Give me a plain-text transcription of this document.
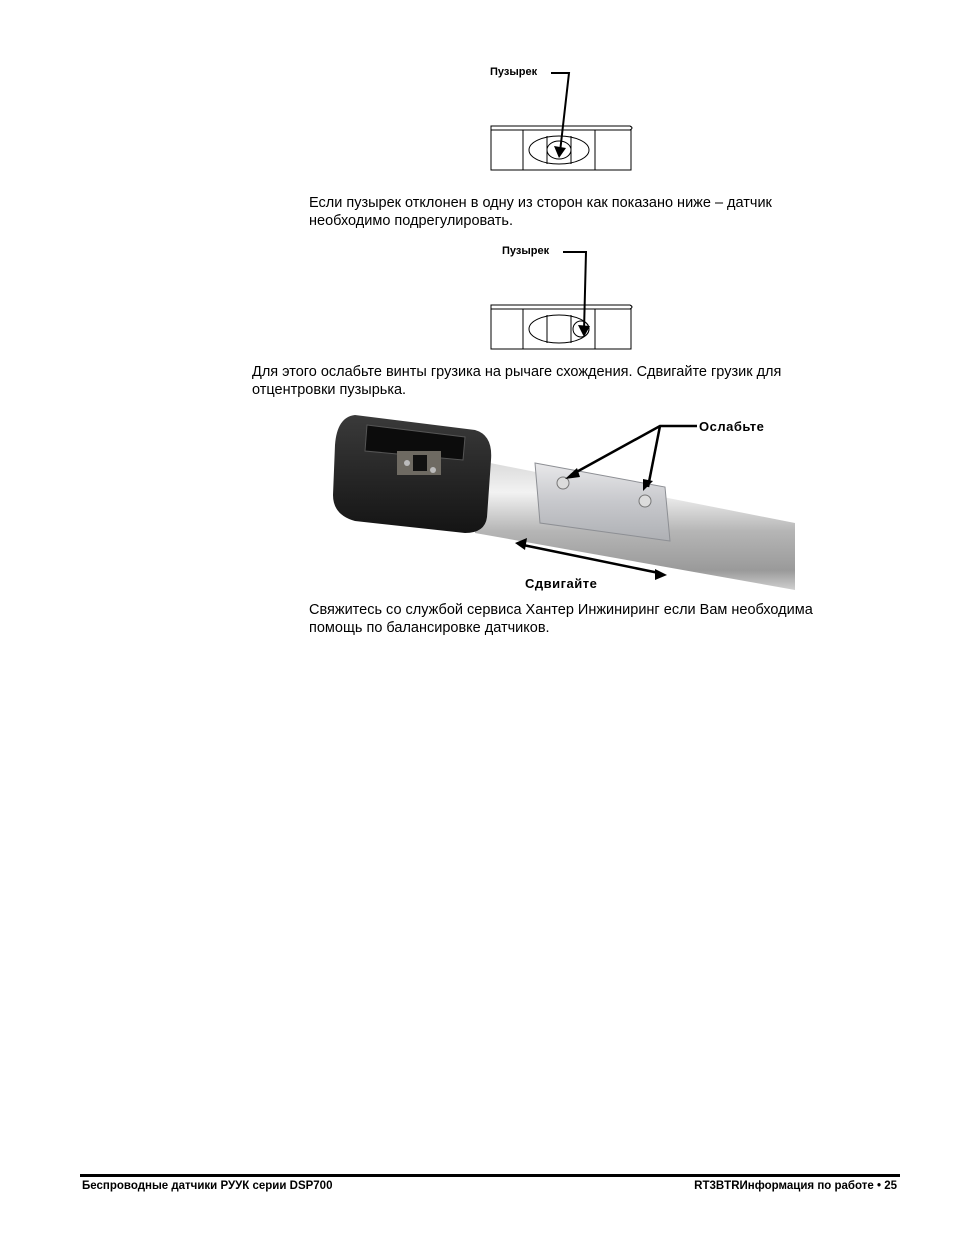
Пузырек
Если пузырек отклонен в одну из сторон как показано ниже – датчик
необходимо подрегулировать.
Пузырек
Для этого ослабьте винты грузика на рычаге схождения. Сдвигайте грузик для
отцентровки пузырька.
Ослабьте
Сдвигайте
Свяжитесь со службой сервиса Хантер Инжиниринг если Вам необходима
помощь по балансировке датчиков.
Беспроводные датчики РУУК серии DSP700	RT3BTRИнформация по работе • 25
